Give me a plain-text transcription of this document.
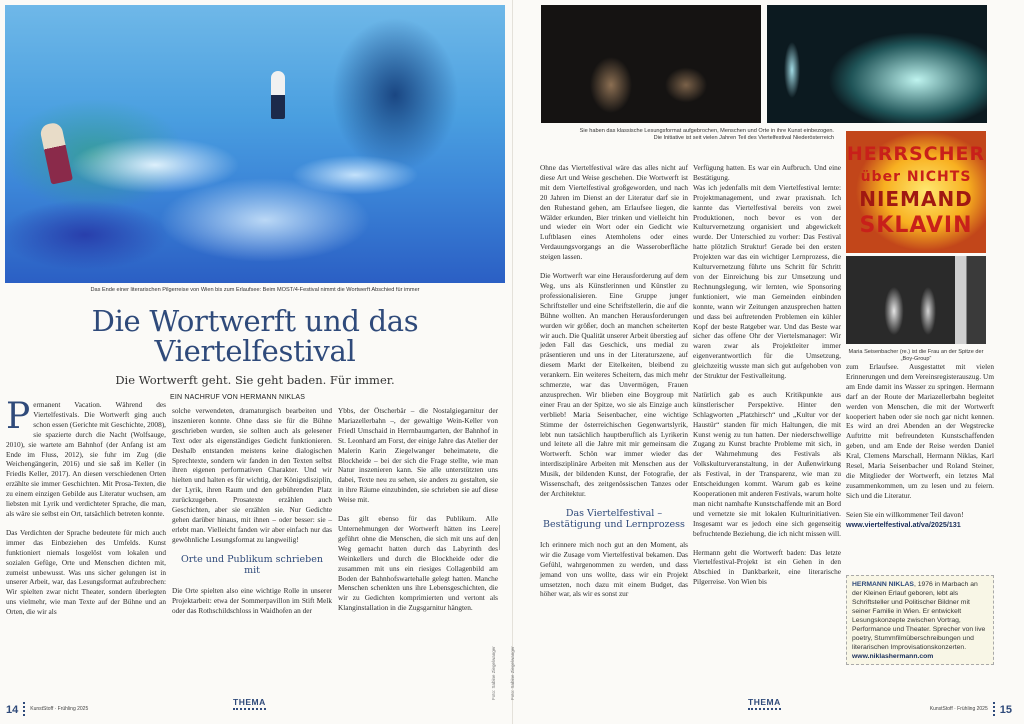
Das Ende einer literarischen Pilgerreise von Wien bis zum Erlaufsee: Beim MOST/4-Festival nimmt die Wortwerft Abschied für immer
Sie haben das klassische Lesungsformat aufgebrochen, Menschen und Orte in ihre Kunst einbezogen.
Die Initiative ist seit vielen Jahren Teil des Viertelfestival Niederösterreich
HERRSCHER
über NICHTS
NIEMAND
SKLAVIN
Maria Seisenbacher (re.) ist die Frau an der Spitze der „Boy-Group“
Die Wortwerft und das Viertelfestival
Die Wortwerft geht. Sie geht baden. Für immer.
EIN NACHRUF VON HERMANN NIKLAS

Permanent Vacation. Während des Viertelfestivals. Die Wortwerft ging auch schon essen (Gerichte mit Geschichte, 2008), sie spazierte durch die Nacht (Wolfsauge, 2010), sie wartete am Bahnhof (der Anfang ist am Ende im Fluss, 2012), sie fuhr im Zug (die Weichengängerin, 2016) und sie saß im Keller (in Friedls Keller, 2017). An diesen verschiedenen Orten erzählte sie immer Geschichten. Mit Prosa-Texten, die zu einem einzigen Gebilde aus Literatur wuchsen, am liebsten mit Lyrik und verdichteter Sprache, die man, als wäre sie selbst ein Ort, tatsächlich betreten konnte.

Das Verdichten der Sprache bedeutete für mich auch immer das Einbeziehen des Umfelds. Kunst funktioniert niemals losgelöst vom lokalen und sozialen Gefüge, Orte und Menschen dichten mit, zumeist unbewusst. Was uns sicher gelungen ist in unserer Arbeit, war, das Lesungsformat aufzubrechen: Wir spielten zwar nicht Theater, sondern überlegten uns vielmehr, wie man Texte auf der Bühne und an Orten, die wir als

solche verwendeten, dramaturgisch bearbeiten und inszenieren konnte. Ohne dass sie für die Bühne geschrieben wurden, sie sollten auch als gelesener Text oder als eigenständiges Gedicht funktionieren. Deshalb entstanden meistens keine dialogischen Sprechtexte, sondern wir fanden in den Texten selbst ihren eigenen performativen Charakter. Und wir hielten und halten es für wichtig, der Königsdisziplin, der Lyrik, ihren Raum und den gebührenden Platz zurückzugeben. Prosatexte erzählen auch Geschichten, aber sie erzählen sie. Nur Gedichte gehen darüber hinaus, mit ihnen – oder besser: sie – erlebt man. Vielleicht fanden wir aber einfach nur das gewöhnliche Lesungsformat zu langweilig!

Orte und Publikum schrieben mit

Die Orte spielten also eine wichtige Rolle in unserer Projektarbeit: etwa der Sommerpavillon im Stift Melk oder das Rothschildschloss in Waidhofen an der

Ybbs, der Ötscherbär – die Nostalgiegarnitur der Mariazellerbahn –, der gewaltige Wein-Keller von Friedl Umschaid in Herrnbaumgarten, der Bahnhof in St. Leonhard am Forst, der einige Jahre das Atelier der Malerin Karin Ziegelwanger beheimatete, die Blockheide – bei der sich die Frage stellte, wie man Natur inszenieren kann. Sie alle unterstützten uns dabei, Texte neu zu sehen, sie anders zu gestalten, sie in ihre Räume einzubinden, sie schrieben sie auf diese Weise mit.

Das gilt ebenso für das Publikum. Alle Unternehmungen der Wortwerft hätten ins Leere geführt ohne die Menschen, die sich mit uns auf den Weg gemacht hatten durch das Labyrinth des Weinkellers und durch die Blockheide oder die zusammen mit uns ein riesiges Collagenbild am Boden der Bahnhofswartehalle gelegt hatten. Manche Menschen schenkten uns ihre Lebensgeschichten, die wir zu Gedichten komprimierten und vertont als Klanginstallation in die Zugsgarnitur hängten.

Foto: Sabine Ziegelwanger	Foto: Sabine Ziegelwanger

Ohne das Viertelfestival wäre das alles nicht auf diese Art und Weise geschehen. Die Wortwerft ist mit dem Viertelfestival großgeworden, und nach 20 Jahren im Dienst an der Literatur darf sie in den Ruhestand gehen, am Erlaufsee liegen, die Wälder erkunden, Bier trinken und vielleicht hin und wieder ein Wort oder ein Gedicht wie Luftblasen eines Atemholens oder eines Verdauungsvorgangs an die Wasseroberfläche steigen lassen.

Die Wortwerft war eine Herausforderung auf dem Weg, uns als Künstlerinnen und Künstler zu professionalisieren. Eine Gruppe junger Schriftsteller und eine Schriftstellerin, die auf die Bühne wollten. An manchen Herausforderungen wurden wir größer, doch an manchen scheiterten wir auch. Die Qualität unserer Arbeit überstieg auf jeden Fall das Geschick, uns medial zu präsentieren und uns in der Literaturszene, auf diesem Markt der Eitelkeiten, bleibend zu verankern. Ein weiteres Scheitern, das mich mehr schmerzte, war das Unvermögen, Frauen anzusprechen. Wir blieben eine Boygroup mit einer Frau an der Spitze, wo sie als Einzige auch verblieb! Maria Seisenbacher, eine wichtige Stimme der österreichischen Gegenwartslyrik, lebt nun tatsächlich hauptberuflich als Lyrikerin und leitete all die Jahre mit mir gemeinsam die Wortwerft. Schön war immer wieder das interdisziplinäre Arbeiten mit Menschen aus der Musik, der bildenden Kunst, der Fotografie, der Wissenschaft, des zeitgenössischen Tanzes oder der Architektur.

Das Viertelfestival – Bestätigung und Lernprozess

Ich erinnere mich noch gut an den Moment, als wir die Zusage vom Viertelfestival bekamen. Das Gefühl, wahrgenommen zu werden, und dass jemand von uns wollte, dass wir ein Projekt umsetzten, noch dazu mit einem Budget, das höher war, als wir es sonst zur

Verfügung hatten. Es war ein Aufbruch. Und eine Bestätigung.

Was ich jedenfalls mit dem Viertelfestival lernte: Projektmanagement, und zwar praxisnah. Ich kannte das Viertelfestival bereits von zwei Produktionen, noch bevor es von der Kulturvernetzung organisiert und abgewickelt wurde. Der Unterschied zu vorher: Das Festival hatte plötzlich Struktur! Gerade bei den ersten Projekten war das ein wichtiger Lernprozess, die Kulturvernetzung führte uns Schritt für Schritt von der Einreichung bis zur Umsetzung und Rechnungslegung, wir lernten, wie Sponsoring funktioniert, wie man Gemeinden einbinden konnte, wann wir Zeitungen anzusprechen hatten und dass bei auftretenden Problemen ein kühler Kopf der beste Ratgeber war. Und das Beste war sicher das offene Ohr der Viertelsmanager: Wir waren zwar als Projektleiter immer eigenverantwortlich für die Umsetzung, gleichzeitig wusste man sich gut aufgehoben von der Struktur der Festivalleitung.

Natürlich gab es auch Kritikpunkte aus künstlerischer Perspektive. Hinter den Schlagworten „Platzhirsch“ und „Kultur vor der Haustür“ standen für mich Haltungen, die mit Kunst wenig zu tun hatten. Der niederschwellige Zugang zu Kunst brachte Probleme mit sich, in der Wahrnehmung des Festivals als Volkskulturveranstaltung, in der Außenwirkung als Festival, in der Transparenz, wie man zu Entscheidungen kommt. Warum gab es keine Kooperationen mit anderen Festivals, warum holte man nicht namhafte Kunstschaffende mit an Bord und vernetzte sie mit lokalen Kulturinitiativen. Insgesamt war es jedoch eine sich gegenseitig befruchtende Beziehung, die ich nicht missen will.

Hermann geht die Wortwerft baden: Das letzte Viertelfestival-Projekt ist ein Gehen in den Abschied in Dankbarkeit, eine literarische Pilgerreise. Von Wien bis

zum Erlaufsee. Ausgestattet mit vielen Erinnerungen und dem Vereinsregisterauszug. Um am Ende damit ins Wasser zu springen. Hermann darf an der Route der Mariazellerbahn begleitet werden von Menschen, die mit der Wortwerft kooperiert haben oder sie noch gar nicht kennen. Es wird an drei Abenden an der Wegstrecke Auftritte mit befreundeten Kunstschaffenden geben, und am Ende der Reise werden Daniel Kral, Clemens Marschall, Hermann Niklas, Karl Resel, Maria Seisenbacher und Roland Steiner, die Mitglieder der Wortwerft, ein letztes Mal zusammenkommen, um zu lesen und zu feiern. Sich und die Literatur.

Seien Sie ein willkommener Teil davon!

www.viertelfestival.at/va/2025/131
HERMANN NIKLAS, 1976 in Marbach an der Kleinen Erlauf geboren, lebt als Schriftsteller und Politischer Bildner mit seiner Familie in Wien. Er entwickelt Lesungskonzepte zwischen Vortrag, Performance und Theater. Sprecher von live poetry, Stummfilmüberschreibungen und literarischen Improvisationskonzerten.
www.niklashermann.com
14 KunstStoff · Frühling 2025
THEMA	THEMA
KunstStoff · Frühling 2025 15
